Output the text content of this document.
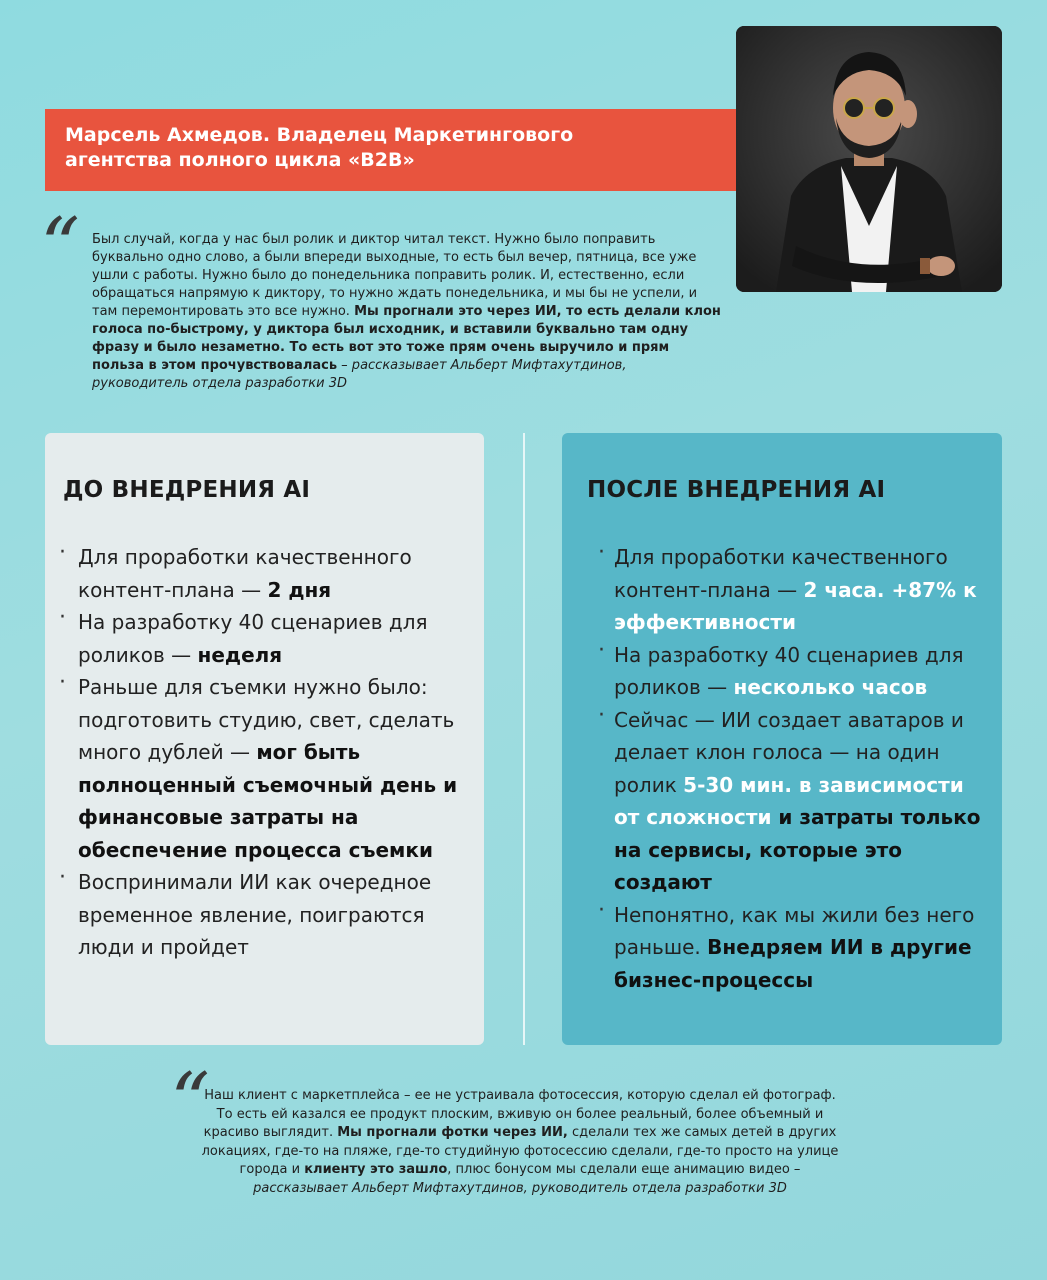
Марсель Ахмедов. Владелец Маркетингового
агентства полного цикла «B2B»
“ Был случай, когда у нас был ролик и диктор читал текст. Нужно было поправить буквально одно слово, а были впереди выходные, то есть был вечер, пятница, все уже ушли с работы. Нужно было до понедельника поправить ролик. И, естественно, если обращаться напрямую к диктору, то нужно ждать понедельника, и мы бы не успели, и там перемонтировать это все нужно. Мы прогнали это через ИИ, то есть делали клон голоса по-быстрому, у диктора был исходник, и вставили буквально там одну фразу и было незаметно. То есть вот это тоже прям очень выручило и прям польза в этом прочувствовалась – рассказывает Альберт Мифтахутдинов, руководитель отдела разработки 3D
ДО ВНЕДРЕНИЯ AI
· Для проработки качественного контент-плана — 2 дня
· На разработку 40 сценариев для роликов — неделя
· Раньше для съемки нужно было: подготовить студию, свет, сделать много дублей — мог быть полноценный съемочный день и финансовые затраты на обеспечение процесса съемки
· Воспринимали ИИ как очередное временное явление, поиграются люди и пройдет
ПОСЛЕ ВНЕДРЕНИЯ AI
· Для проработки качественного контент-плана — 2 часа. +87% к эффективности
· На разработку 40 сценариев для роликов — несколько часов
· Сейчас — ИИ создает аватаров и делает клон голоса — на один ролик 5-30 мин. в зависимости от сложности и затраты только на сервисы, которые это создают
· Непонятно, как мы жили без него раньше. Внедряем ИИ в другие бизнес-процессы
“
Наш клиент с маркетплейса – ее не устраивала фотосессия, которую сделал ей фотограф. То есть ей казался ее продукт плоским, вживую он более реальный, более объемный и красиво выглядит. Мы прогнали фотки через ИИ, сделали тех же самых детей в других локациях, где-то на пляже, где-то студийную фотосессию сделали, где-то просто на улице города и клиенту это зашло, плюс бонусом мы сделали еще анимацию видео – рассказывает Альберт Мифтахутдинов, руководитель отдела разработки 3D
